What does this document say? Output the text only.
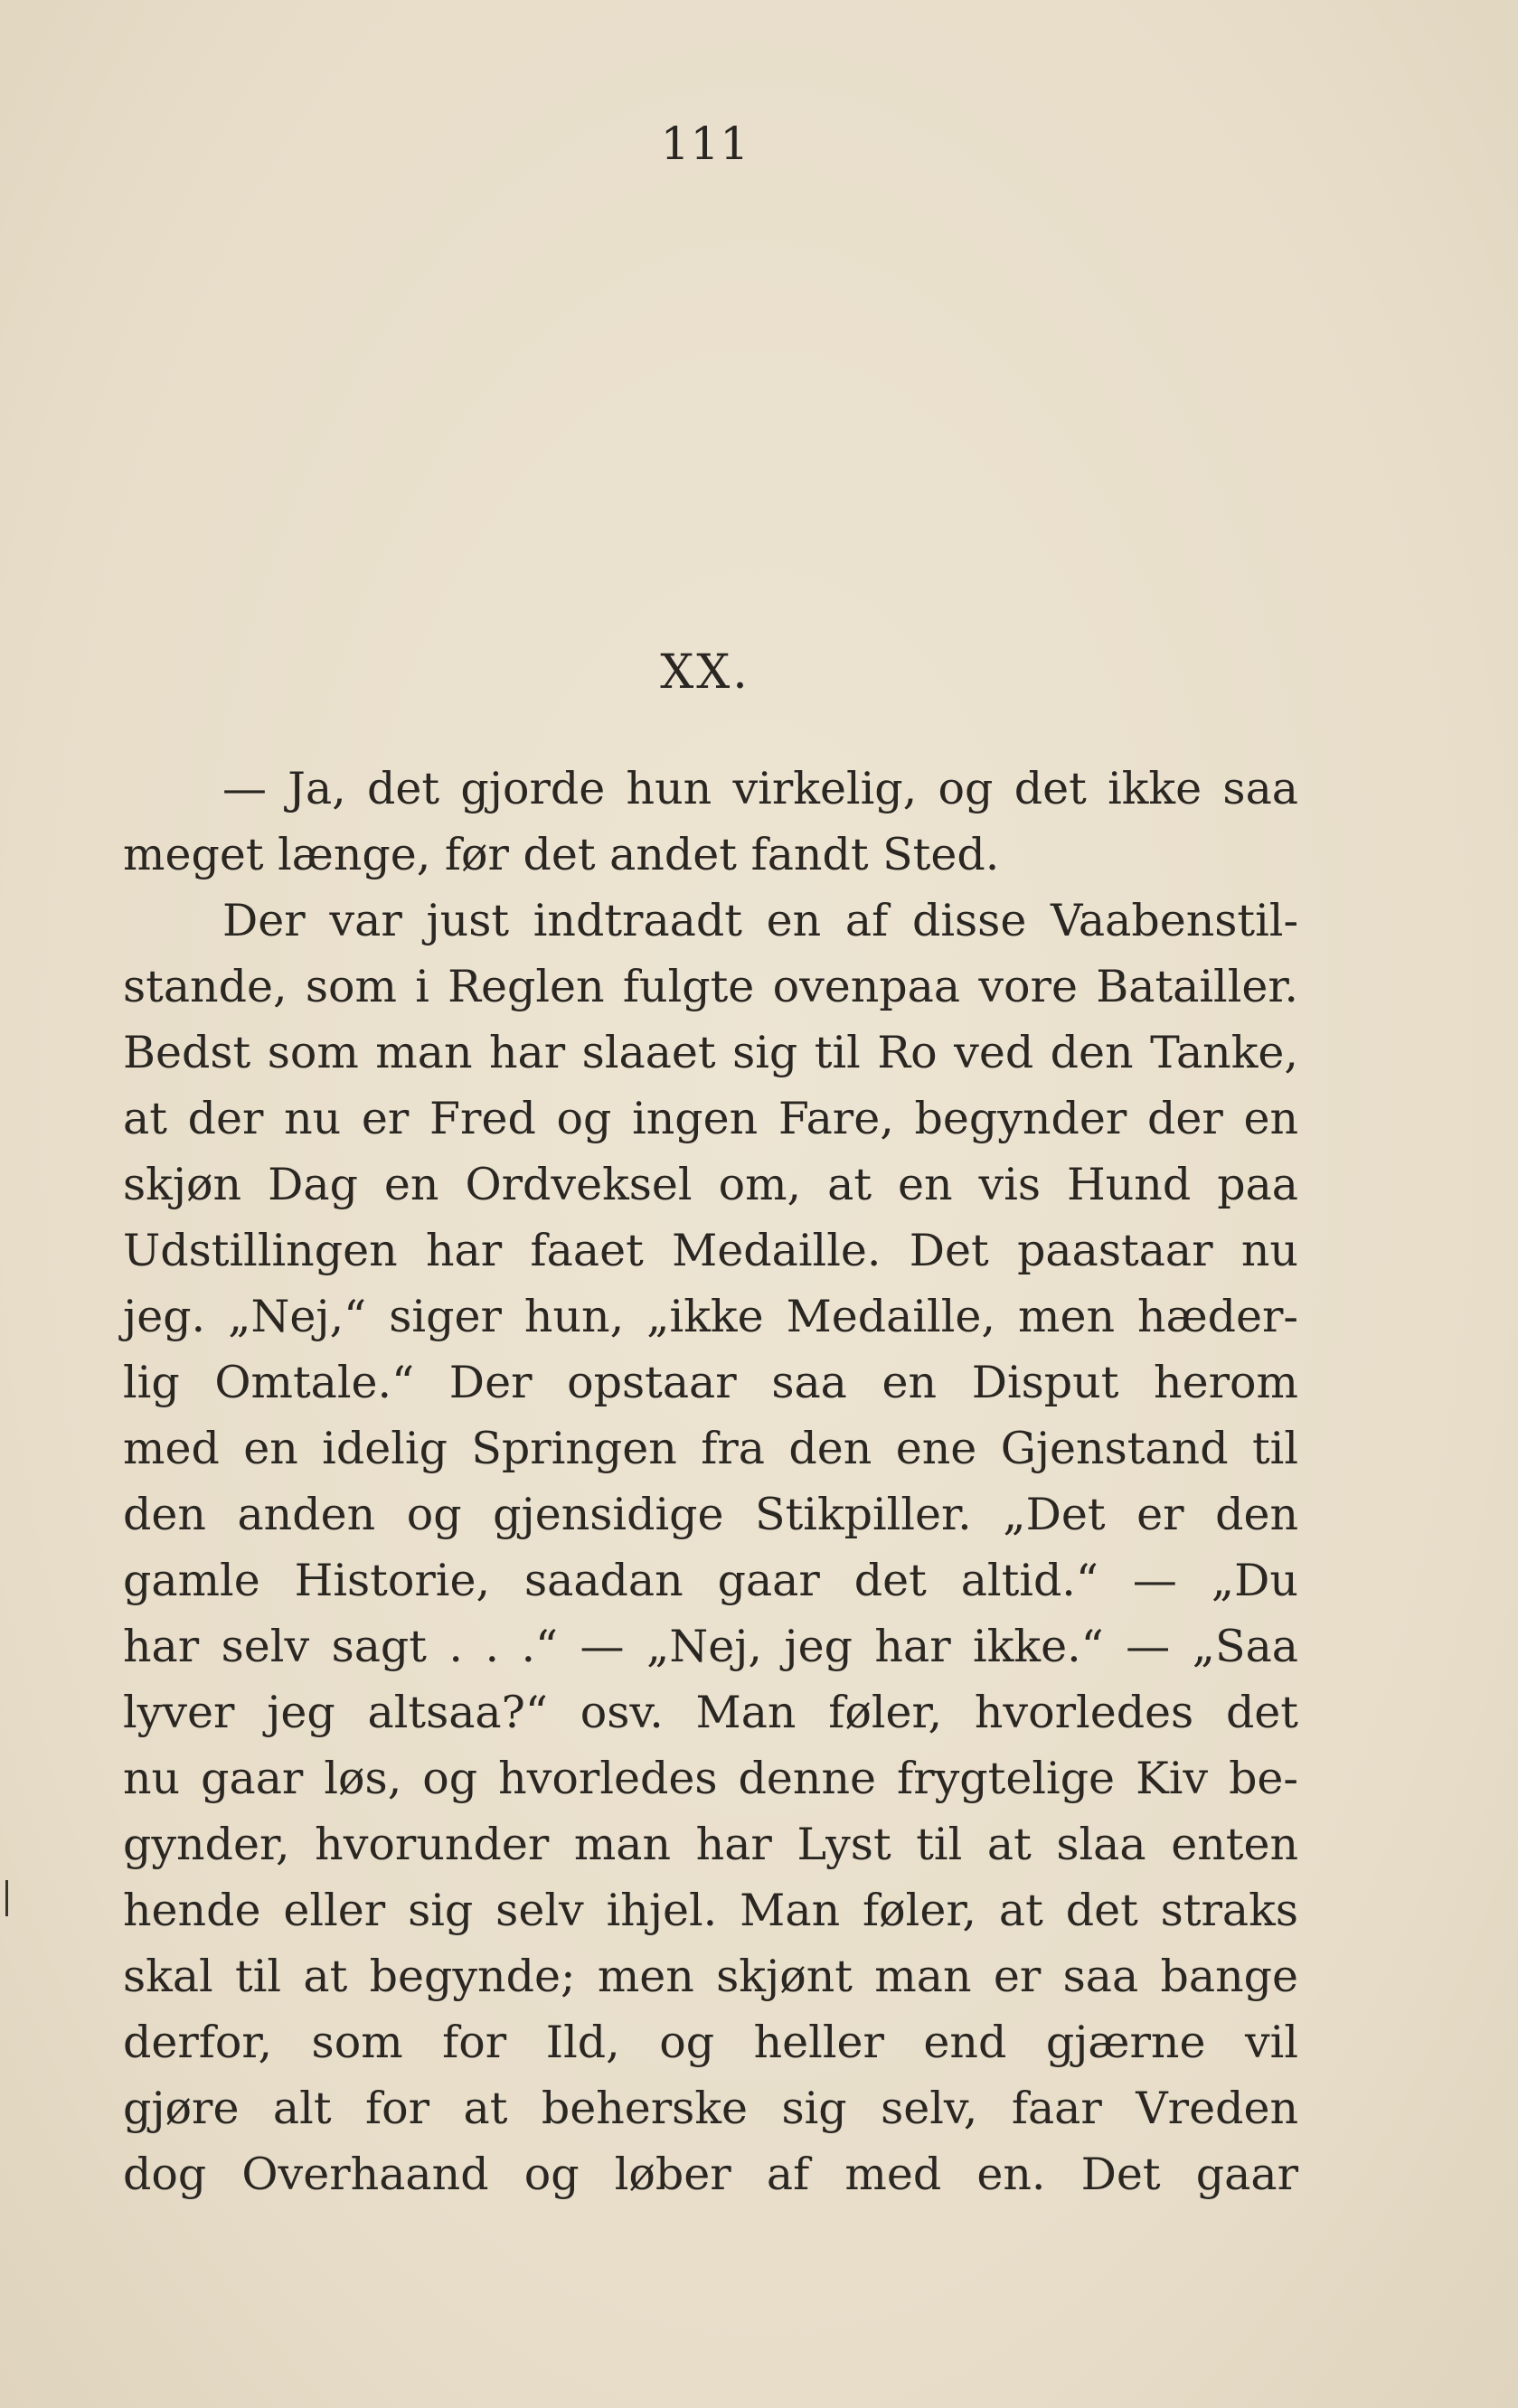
111
XX.
— Ja, det gjorde hun virkelig, og det ikke saa
meget længe, før det andet fandt Sted.
Der var just indtraadt en af disse Vaabenstil-
stande, som i Reglen fulgte ovenpaa vore Batailler.
Bedst som man har slaaet sig til Ro ved den Tanke,
at der nu er Fred og ingen Fare, begynder der en
skjøn Dag en Ordveksel om, at en vis Hund paa
Udstillingen har faaet Medaille. Det paastaar nu
jeg. „Nej,“ siger hun, „ikke Medaille, men hæder-
lig Omtale.“ Der opstaar saa en Disput herom
med en idelig Springen fra den ene Gjenstand til
den anden og gjensidige Stikpiller. „Det er den
gamle Historie, saadan gaar det altid.“ — „Du
har selv sagt . . .“ — „Nej, jeg har ikke.“ — „Saa
lyver jeg altsaa?“ osv. Man føler, hvorledes det
nu gaar løs, og hvorledes denne frygtelige Kiv be-
gynder, hvorunder man har Lyst til at slaa enten
hende eller sig selv ihjel. Man føler, at det straks
skal til at begynde; men skjønt man er saa bange
derfor, som for Ild, og heller end gjærne vil
gjøre alt for at beherske sig selv, faar Vreden
dog Overhaand og løber af med en. Det gaar
